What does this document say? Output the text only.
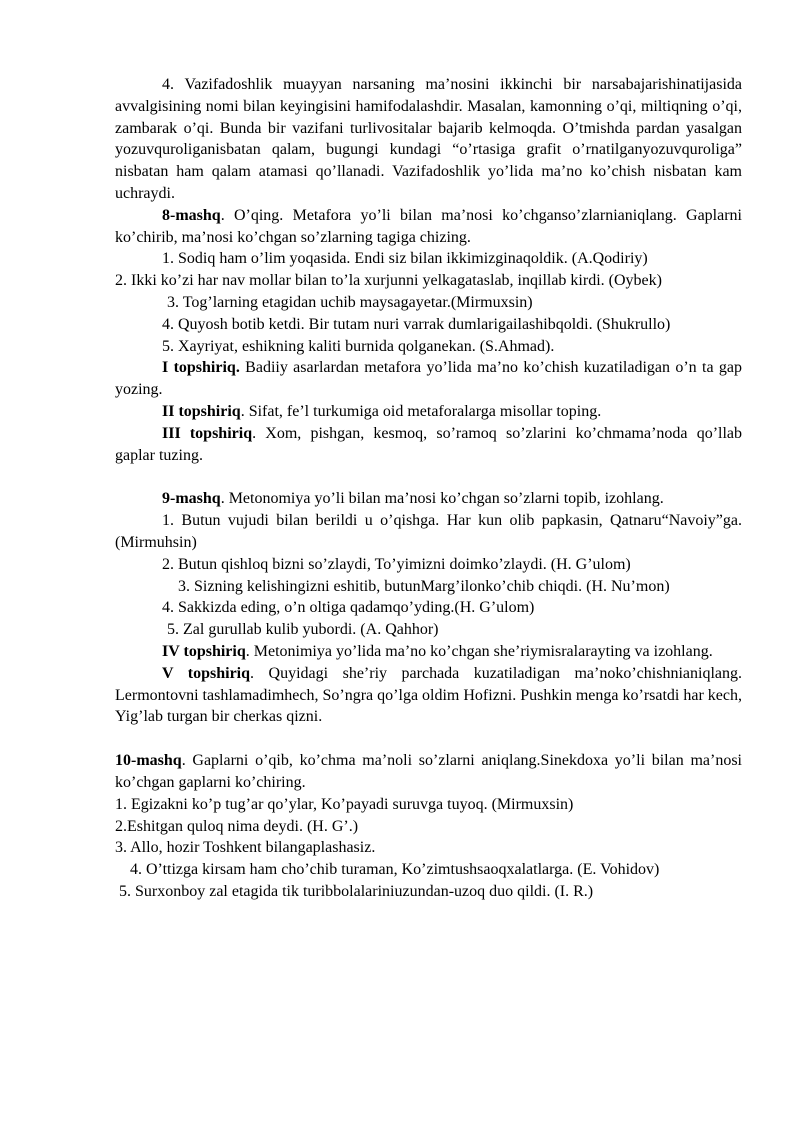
4. Vazifadoshlik muayyan narsaning ma’nosini ikkinchi bir narsabajarishinatijasida avvalgisining nomi bilan keyingisini hamifodalashdir. Masalan, kamonning o’qi, miltiqning o’qi, zambarak o’qi. Bunda bir vazifani turlivositalar bajarib kelmoqda. O’tmishda pardan yasalgan yozuvquroliganisbatan qalam, bugungi kundagi “o’rtasiga grafit o’rnatilganyozuvquroliga” nisbatan ham qalam atamasi qo’llanadi. Vazifadoshlik yo’lida ma’no ko’chish nisbatan kam uchraydi.

8-mashq. O’qing. Metafora yo’li bilan ma’nosi ko’chganso’zlarnianiqlang. Gaplarni ko’chirib, ma’nosi ko’chgan so’zlarning tagiga chizing.

1. Sodiq ham o’lim yoqasida. Endi siz bilan ikkimizginaqoldik. (A.Qodiriy)

2. Ikki ko’zi har nav mollar bilan to’la xurjunni yelkagataslab, inqillab kirdi. (Oybek)

3. Tog’larning etagidan uchib maysagayetar.(Mirmuxsin)

4. Quyosh botib ketdi. Bir tutam nuri varrak dumlarigailashibqoldi. (Shukrullo)

5. Xayriyat, eshikning kaliti burnida qolganekan. (S.Ahmad).

I topshiriq. Badiiy asarlardan metafora yo’lida ma’no ko’chish kuzatiladigan o’n ta gap yozing.

II topshiriq. Sifat, fe’l turkumiga oid metaforalarga misollar toping.

III topshiriq. Xom, pishgan, kesmoq, so’ramoq so’zlarini ko’chmama’noda qo’llab gaplar tuzing.

9-mashq. Metonomiya yo’li bilan ma’nosi ko’chgan so’zlarni topib, izohlang.

1. Butun vujudi bilan berildi u o’qishga. Har kun olib papkasin, Qatnaru“Navoiy”ga. (Mirmuhsin)

2. Butun qishloq bizni so’zlaydi, To’yimizni doimko’zlaydi. (H. G’ulom)

3. Sizning kelishingizni eshitib, butunMarg’ilonko’chib chiqdi. (H. Nu’mon)

4. Sakkizda eding, o’n oltiga qadamqo’yding.(H. G’ulom)

5. Zal gurullab kulib yubordi. (A. Qahhor)

IV topshiriq. Metonimiya yo’lida ma’no ko’chgan she’riymisralarayting va izohlang.

V topshiriq. Quyidagi she’riy parchada kuzatiladigan ma’noko’chishnianiqlang. Lermontovni tashlamadimhech, So’ngra qo’lga oldim Hofizni. Pushkin menga ko’rsatdi har kech, Yig’lab turgan bir cherkas qizni.

10-mashq. Gaplarni o’qib, ko’chma ma’noli so’zlarni aniqlang.Sinekdoxa yo’li bilan ma’nosi ko’chgan gaplarni ko’chiring.

1. Egizakni ko’p tug’ar qo’ylar, Ko’payadi suruvga tuyoq. (Mirmuxsin)

2.Eshitgan quloq nima deydi. (H. G’.)

3. Allo, hozir Toshkent bilangaplashasiz.

4. O’ttizga kirsam ham cho’chib turaman, Ko’zimtushsaoqxalatlarga. (E. Vohidov)

5. Surxonboy zal etagida tik turibbolalariniuzundan-uzoq duo qildi. (I. R.)
